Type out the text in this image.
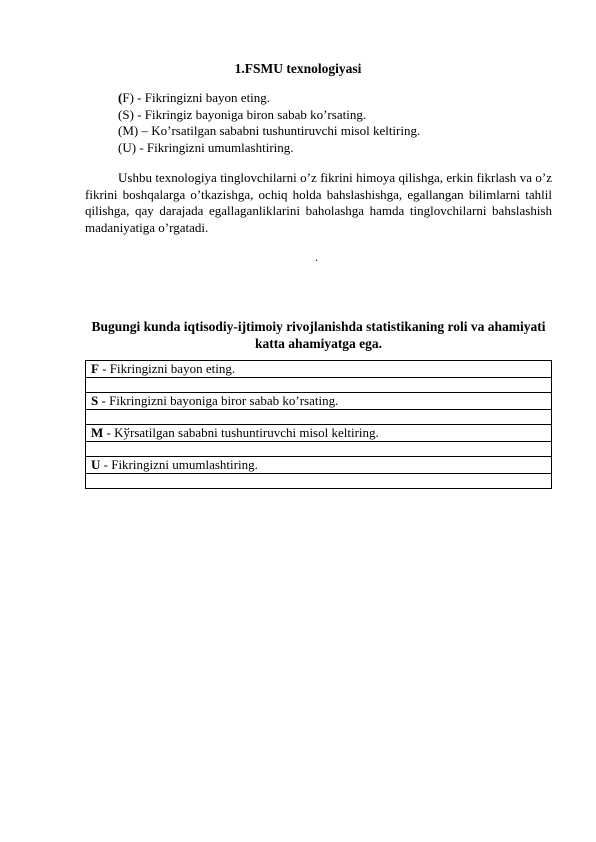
1.FSMU texnologiyasi
(F) - Fikringizni bayon eting.
(S) - Fikringiz bayoniga biron sabab ko’rsating.
(M) – Ko’rsatilgan sababni tushuntiruvchi misol keltiring.
(U) - Fikringizni umumlashtiring.
Ushbu texnologiya tinglovchilarni o’z fikrini himoya qilishga, erkin fikrlash va o’z fikrini boshqalarga o’tkazishga, ochiq holda bahslashishga, egallangan bilimlarni tahlil qilishga, qay darajada egallaganliklarini baholashga hamda tinglovchilarni bahslashish madaniyatiga o’rgatadi.
.
Bugungi kunda iqtisodiy-ijtimoiy rivojlanishda statistikaning roli va ahamiyati katta ahamiyatga ega.
F - Fikringizni bayon eting.

S - Fikringizni bayoniga biror sabab ko’rsating.

M - Kўrsatilgan sababni tushuntiruvchi misol keltiring.

U - Fikringizni umumlashtiring.
